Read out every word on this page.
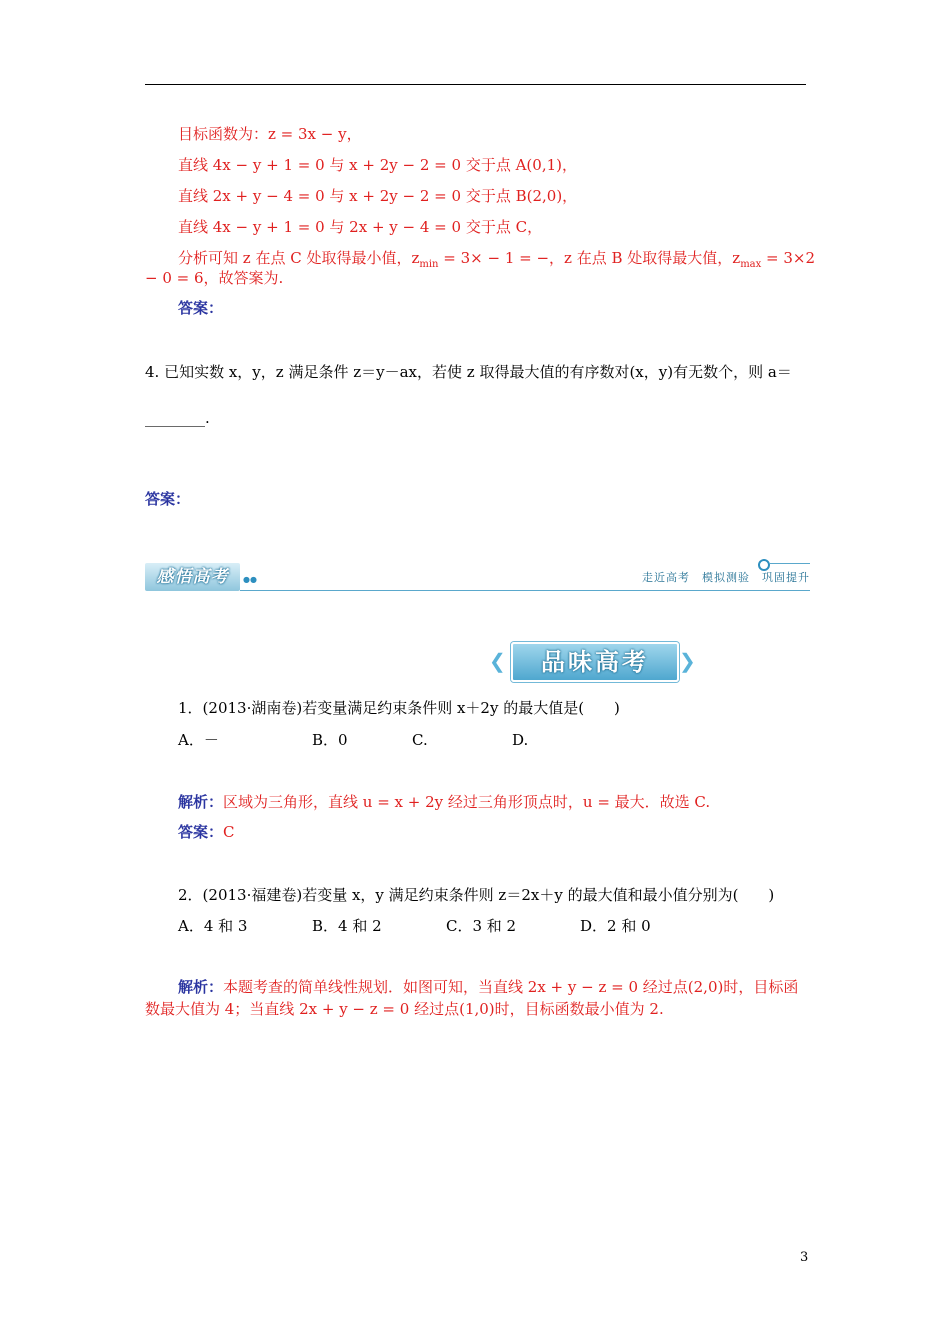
目标函数为：z = 3x − y，
直线 4x − y + 1 = 0 与 x + 2y − 2 = 0 交于点 A(0,1)，
直线 2x + y − 4 = 0 与 x + 2y − 2 = 0 交于点 B(2,0)，
直线 4x − y + 1 = 0 与 2x + y − 4 = 0 交于点 C，
分析可知 z 在点 C 处取得最小值，$z_{min} = 3\times - 1$ = −，z 在点 B 处取得最大值，$z_{max} = 3\times 2$
− 0 = 6，故答案为.
答案：
4. 已知实数 x，y，z 满足条件 z＝y－ax，若使 z 取得最大值的有序数对(x，y)有无数个，则 a＝
________.
答案：
感悟高考	●●	走近高考　模拟测验　巩固提升
❮	品味高考	❯
1．(2013·湖南卷)若变量满足约束条件则 x＋2y 的最大值是(　　)
A．－	B．0	C.	D.
解析：区域为三角形，直线 u = x + 2y 经过三角形顶点时，u = 最大．故选 C.
答案：C
2．(2013·福建卷)若变量 x，y 满足约束条件则 z＝2x＋y 的最大值和最小值分别为(　　)
A．4 和 3	B．4 和 2	C．3 和 2	D．2 和 0
解析：本题考查的简单线性规划．如图可知，当直线 2x + y − z = 0 经过点(2,0)时，目标函
数最大值为 4；当直线 2x + y − z = 0 经过点(1,0)时，目标函数最小值为 2.
3
